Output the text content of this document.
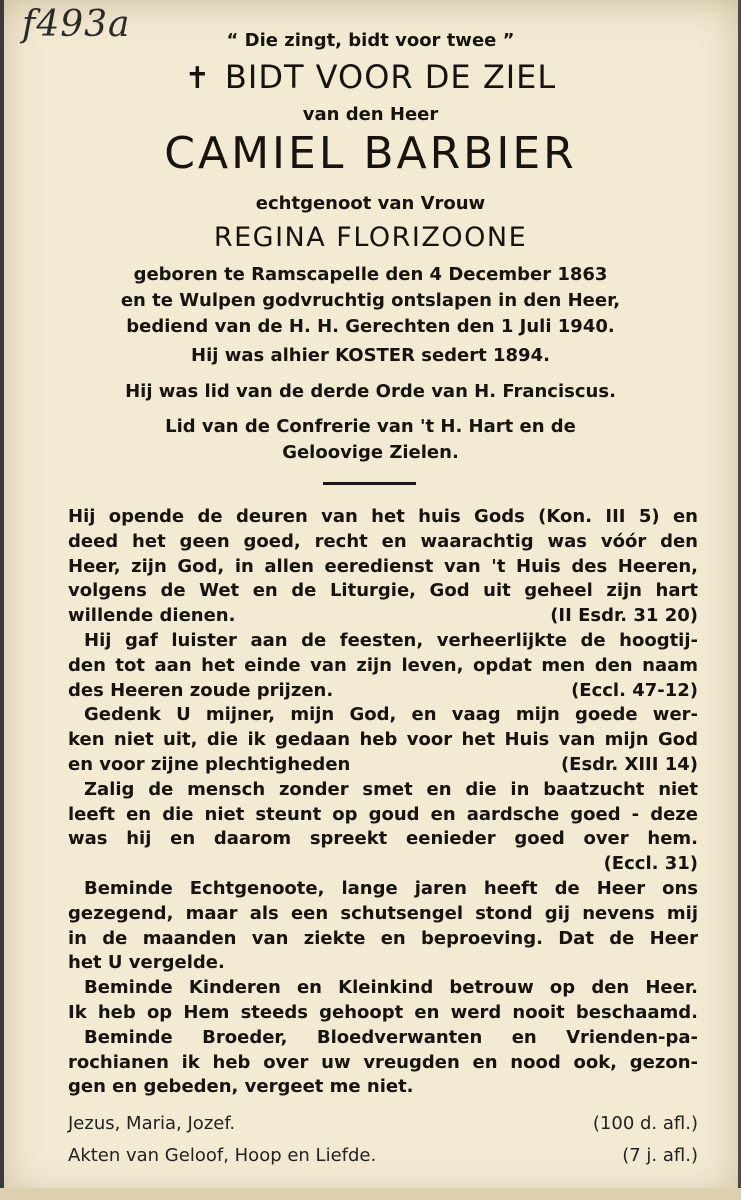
f493a	“ Die zingt, bidt voor twee ”
✝ BIDT VOOR DE ZIEL
van den Heer
CAMIEL BARBIER
echtgenoot van Vrouw
REGINA FLORIZOONE
geboren te Ramscapelle den 4 December 1863
en te Wulpen godvruchtig ontslapen in den Heer,
bediend van de H. H. Gerechten den 1 Juli 1940.
Hij was alhier KOSTER sedert 1894.
Hij was lid van de derde Orde van H. Franciscus.
Lid van de Confrerie van 't H. Hart en de
Geloovige Zielen.
Hij opende de deuren van het huis Gods (Kon. III 5) en
deed het geen goed, recht en waarachtig was vóór den
Heer, zijn God, in allen eeredienst van 't Huis des Heeren,
volgens de Wet en de Liturgie, God uit geheel zijn hart
willende dienen.	(II Esdr. 31 20)
Hij gaf luister aan de feesten, verheerlijkte de hoogtij-
den tot aan het einde van zijn leven, opdat men den naam
des Heeren zoude prijzen.	(Eccl. 47-12)
Gedenk U mijner, mijn God, en vaag mijn goede wer-
ken niet uit, die ik gedaan heb voor het Huis van mijn God
en voor zijne plechtigheden	(Esdr. XIII 14)
Zalig de mensch zonder smet en die in baatzucht niet
leeft en die niet steunt op goud en aardsche goed - deze
was hij en daarom spreekt eenieder goed over hem.
(Eccl. 31)
Beminde Echtgenoote, lange jaren heeft de Heer ons
gezegend, maar als een schutsengel stond gij nevens mij
in de maanden van ziekte en beproeving. Dat de Heer
het U vergelde.
Beminde Kinderen en Kleinkind betrouw op den Heer.
Ik heb op Hem steeds gehoopt en werd nooit beschaamd.
Beminde Broeder, Bloedverwanten en Vrienden-pa-
rochianen ik heb over uw vreugden en nood ook, gezon-
gen en gebeden, vergeet me niet.
Jezus, Maria, Jozef.	(100 d. afl.)
Akten van Geloof, Hoop en Liefde.	(7 j. afl.)
